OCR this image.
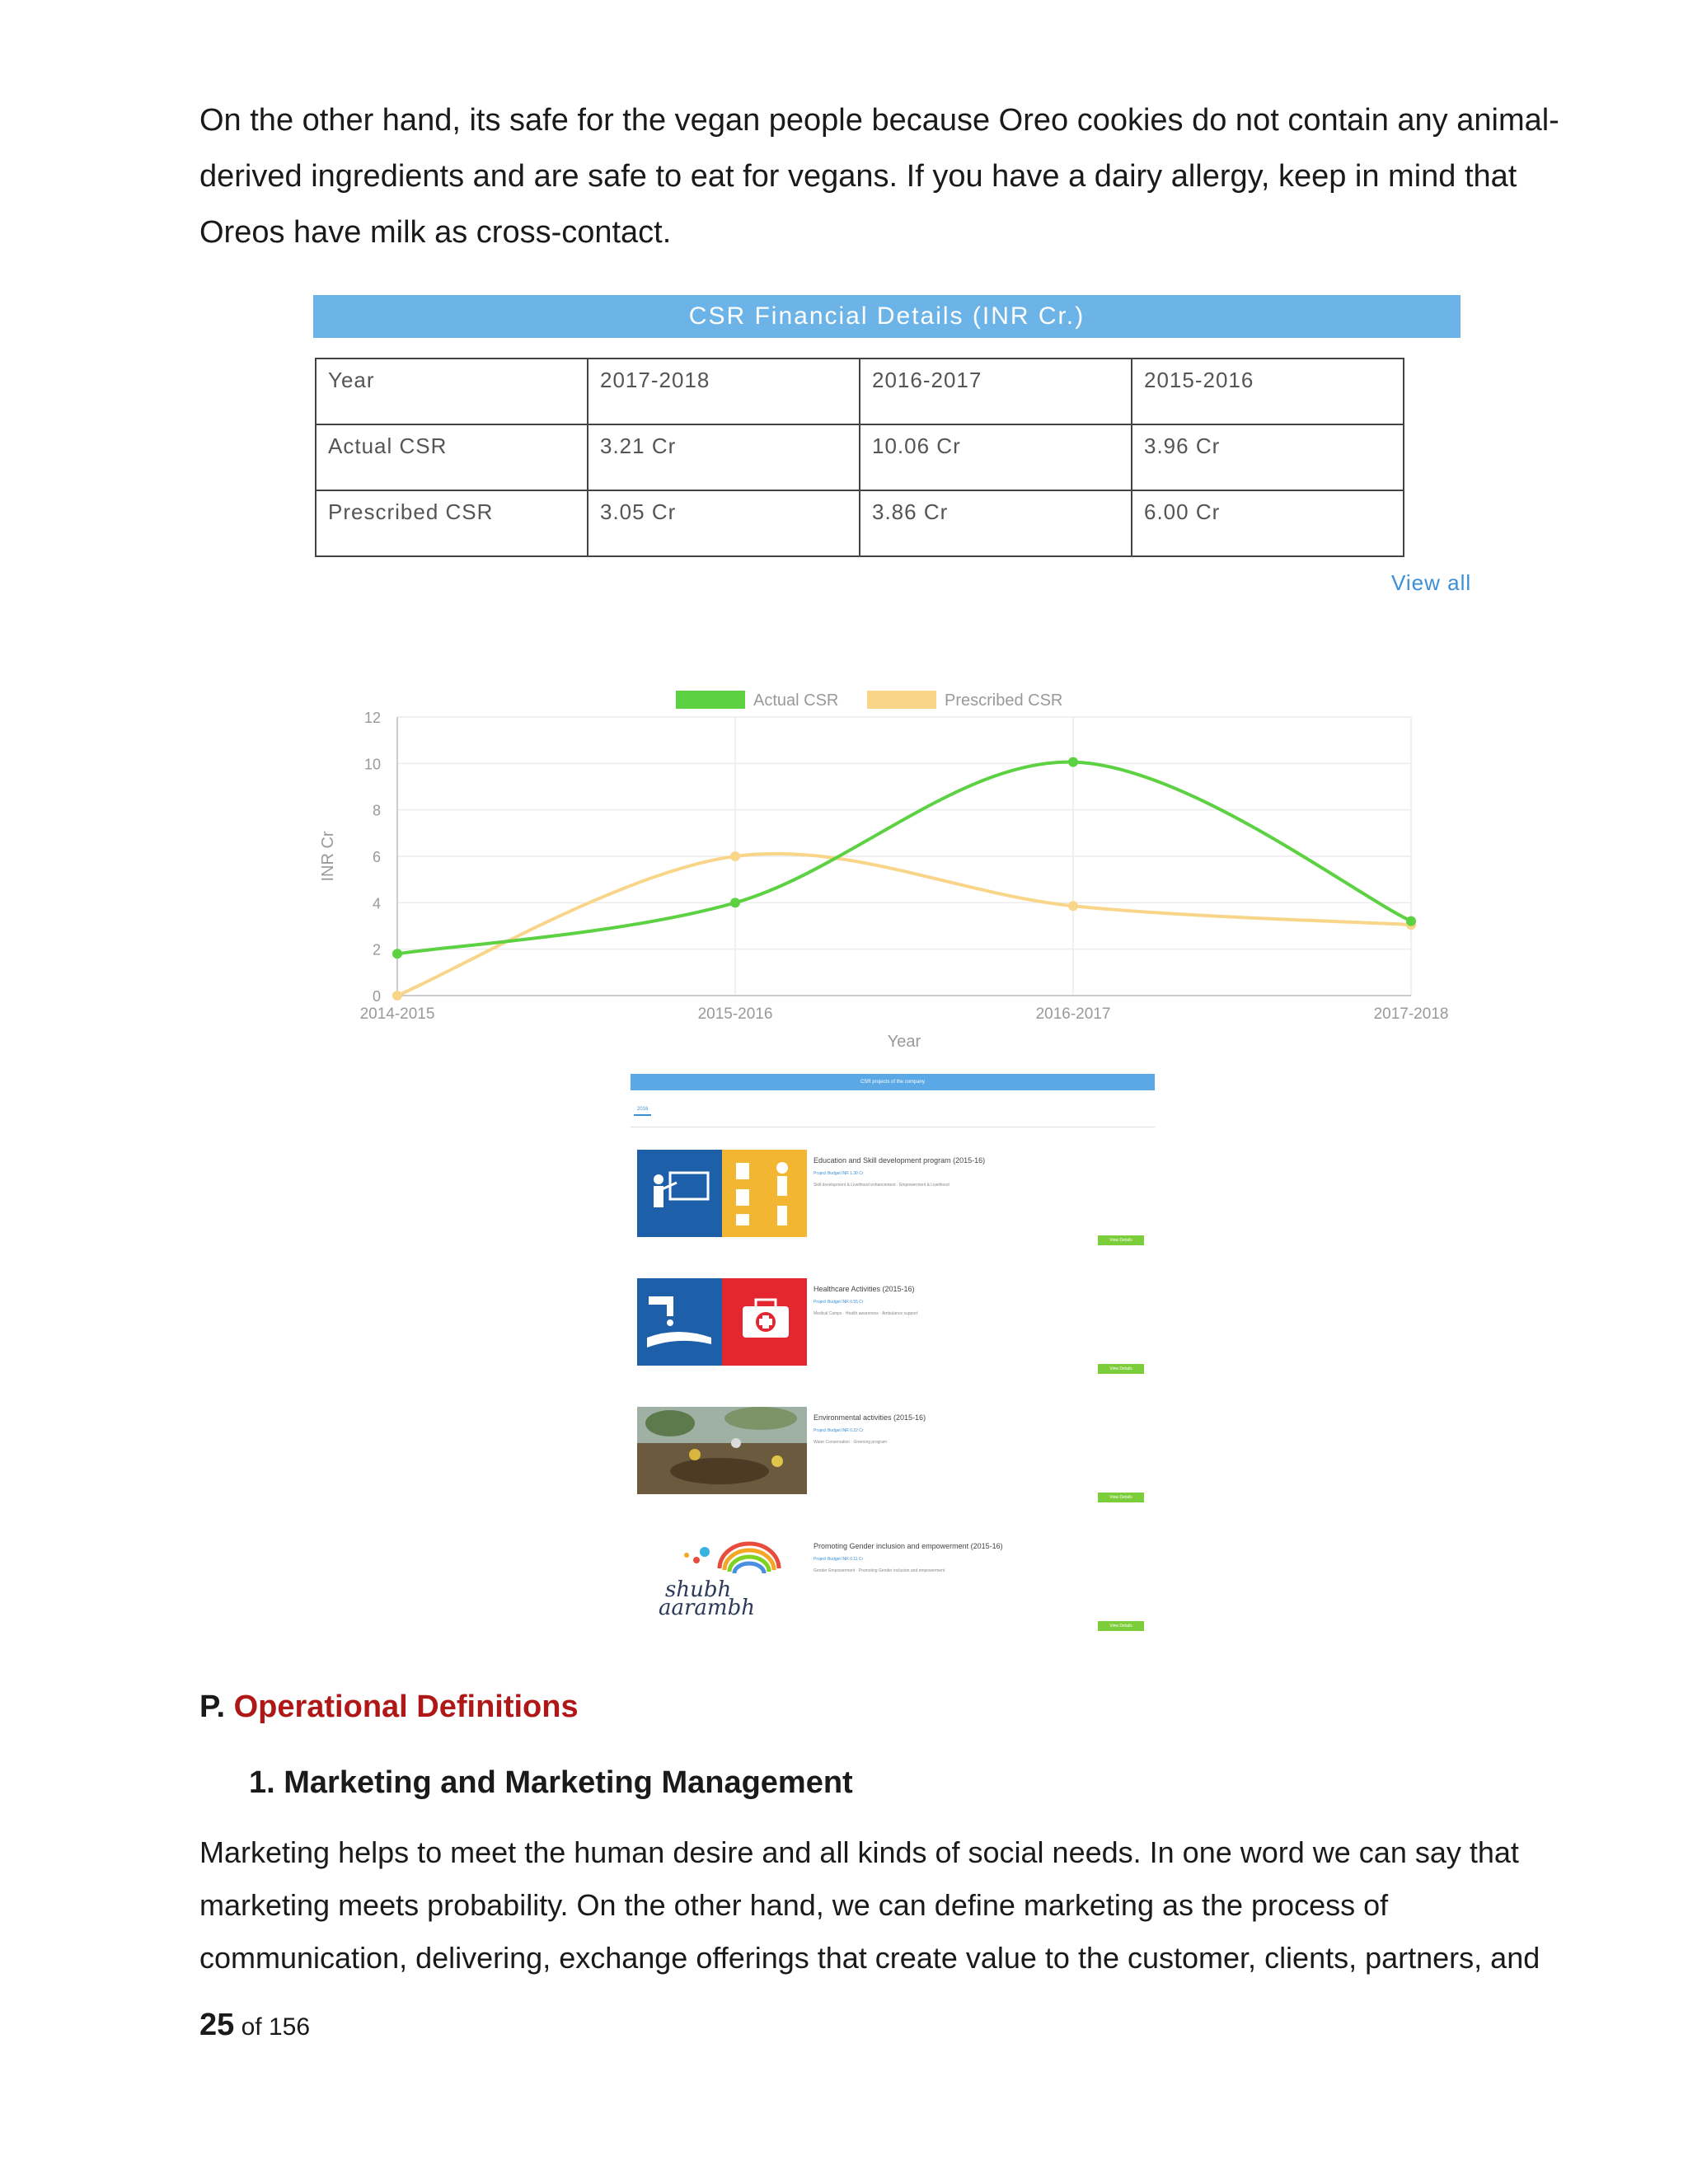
On the other hand, its safe for the vegan people because Oreo cookies do not contain any animal-derived ingredients and are safe to eat for vegans. If you have a dairy allergy, keep in mind that Oreos have milk as cross-contact.

CSR Financial Details (INR Cr.)
Year	2017-2018	2016-2017	2015-2016
Actual CSR	3.21 Cr	10.06 Cr	3.96 Cr
Prescribed CSR	3.05 Cr	3.86 Cr	6.00 Cr
View all
0
2
4
6
8
10
12
2014-2015	2015-2016	2016-2017	2017-2018
Year
INR Cr
Actual CSR	Prescribed CSR
CSR projects of the company
2016
Education and Skill development program (2015-16)
Project Budget INR 1.30 Cr
Skill development & Livelihood enhancement · Empowerment & Livelihood
View Details
Healthcare Activities (2015-16)
Project Budget INR 0.55 Cr
Medical Camps · Health awareness · Ambulance support
View Details
Environmental activities (2015-16)
Project Budget INR 0.22 Cr
Water Conservation · Greening program
View Details
shubh
aarambh
Promoting Gender inclusion and empowerment (2015-16)
Project Budget INR 0.11 Cr
Gender Empowerment · Promoting Gender inclusion and empowerment
View Details
P. Operational Definitions
1. Marketing and Marketing Management

Marketing helps to meet the human desire and all kinds of social needs. In one word we can say that marketing meets probability. On the other hand, we can define marketing as the process of communication, delivering, exchange offerings that create value to the customer, clients, partners, and

25 of 156
